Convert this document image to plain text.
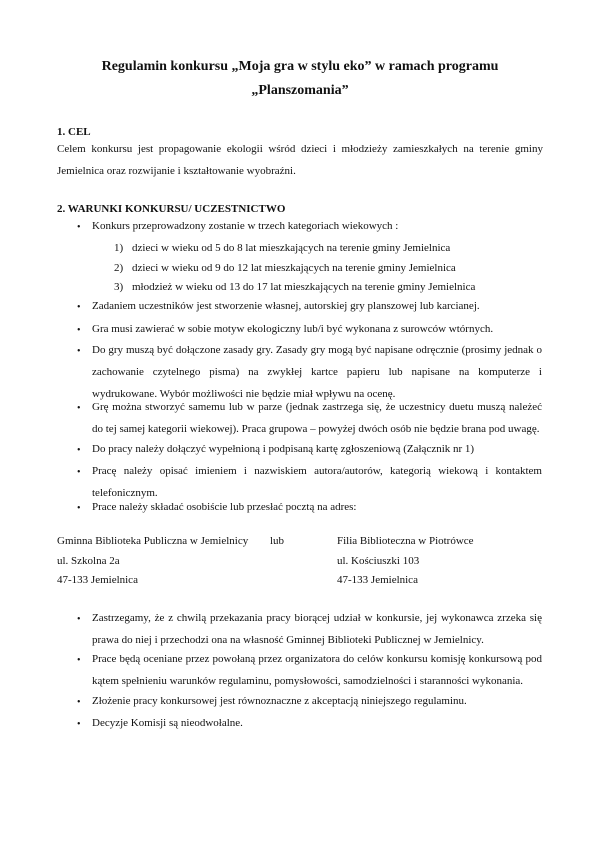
Regulamin konkursu „Moja gra w stylu eko” w ramach programu
„Planszomania”
1. CEL
Celem konkursu jest propagowanie ekologii wśród dzieci i młodzieży zamieszkałych na terenie gminy Jemielnica oraz rozwijanie i kształtowanie wyobraźni.
2. WARUNKI KONKURSU/ UCZESTNICTWO
• Konkurs przeprowadzony zostanie w trzech kategoriach wiekowych :
1) dzieci w wieku od 5 do 8 lat mieszkających na terenie gminy Jemielnica
2) dzieci w wieku od 9 do 12 lat mieszkających na terenie gminy Jemielnica
3) młodzież w wieku od 13 do 17 lat mieszkających na terenie gminy Jemielnica
• Zadaniem uczestników jest stworzenie własnej, autorskiej gry planszowej lub karcianej.
• Gra musi zawierać w sobie motyw ekologiczny lub/i być wykonana z surowców wtórnych.
• Do gry muszą być dołączone zasady gry. Zasady gry mogą być napisane odręcznie (prosimy jednak o zachowanie czytelnego pisma) na zwykłej kartce papieru lub napisane na komputerze i wydrukowane. Wybór możliwości nie będzie miał wpływu na ocenę.
• Grę można stworzyć samemu lub w parze (jednak zastrzega się, że uczestnicy duetu muszą należeć do tej samej kategorii wiekowej). Praca grupowa – powyżej dwóch osób nie będzie brana pod uwagę.
• Do pracy należy dołączyć wypełnioną i podpisaną kartę zgłoszeniową (Załącznik nr 1)
• Pracę należy opisać imieniem i nazwiskiem autora/autorów, kategorią wiekową i kontaktem telefonicznym.
• Prace należy składać osobiście lub przesłać pocztą na adres:
Gminna Biblioteka Publiczna w Jemielnicy lub	Filia Biblioteczna w Piotrówce
ul. Szkolna 2a	ul. Kościuszki 103
47-133 Jemielnica	47-133 Jemielnica
• Zastrzegamy, że z chwilą przekazania pracy biorącej udział w konkursie, jej wykonawca zrzeka się prawa do niej i przechodzi ona na własność Gminnej Biblioteki Publicznej w Jemielnicy.
• Prace będą oceniane przez powołaną przez organizatora do celów konkursu komisję konkursową pod kątem spełnieniu warunków regulaminu, pomysłowości, samodzielności i staranności wykonania.
• Złożenie pracy konkursowej jest równoznaczne z akceptacją niniejszego regulaminu.
• Decyzje Komisji są nieodwołalne.
